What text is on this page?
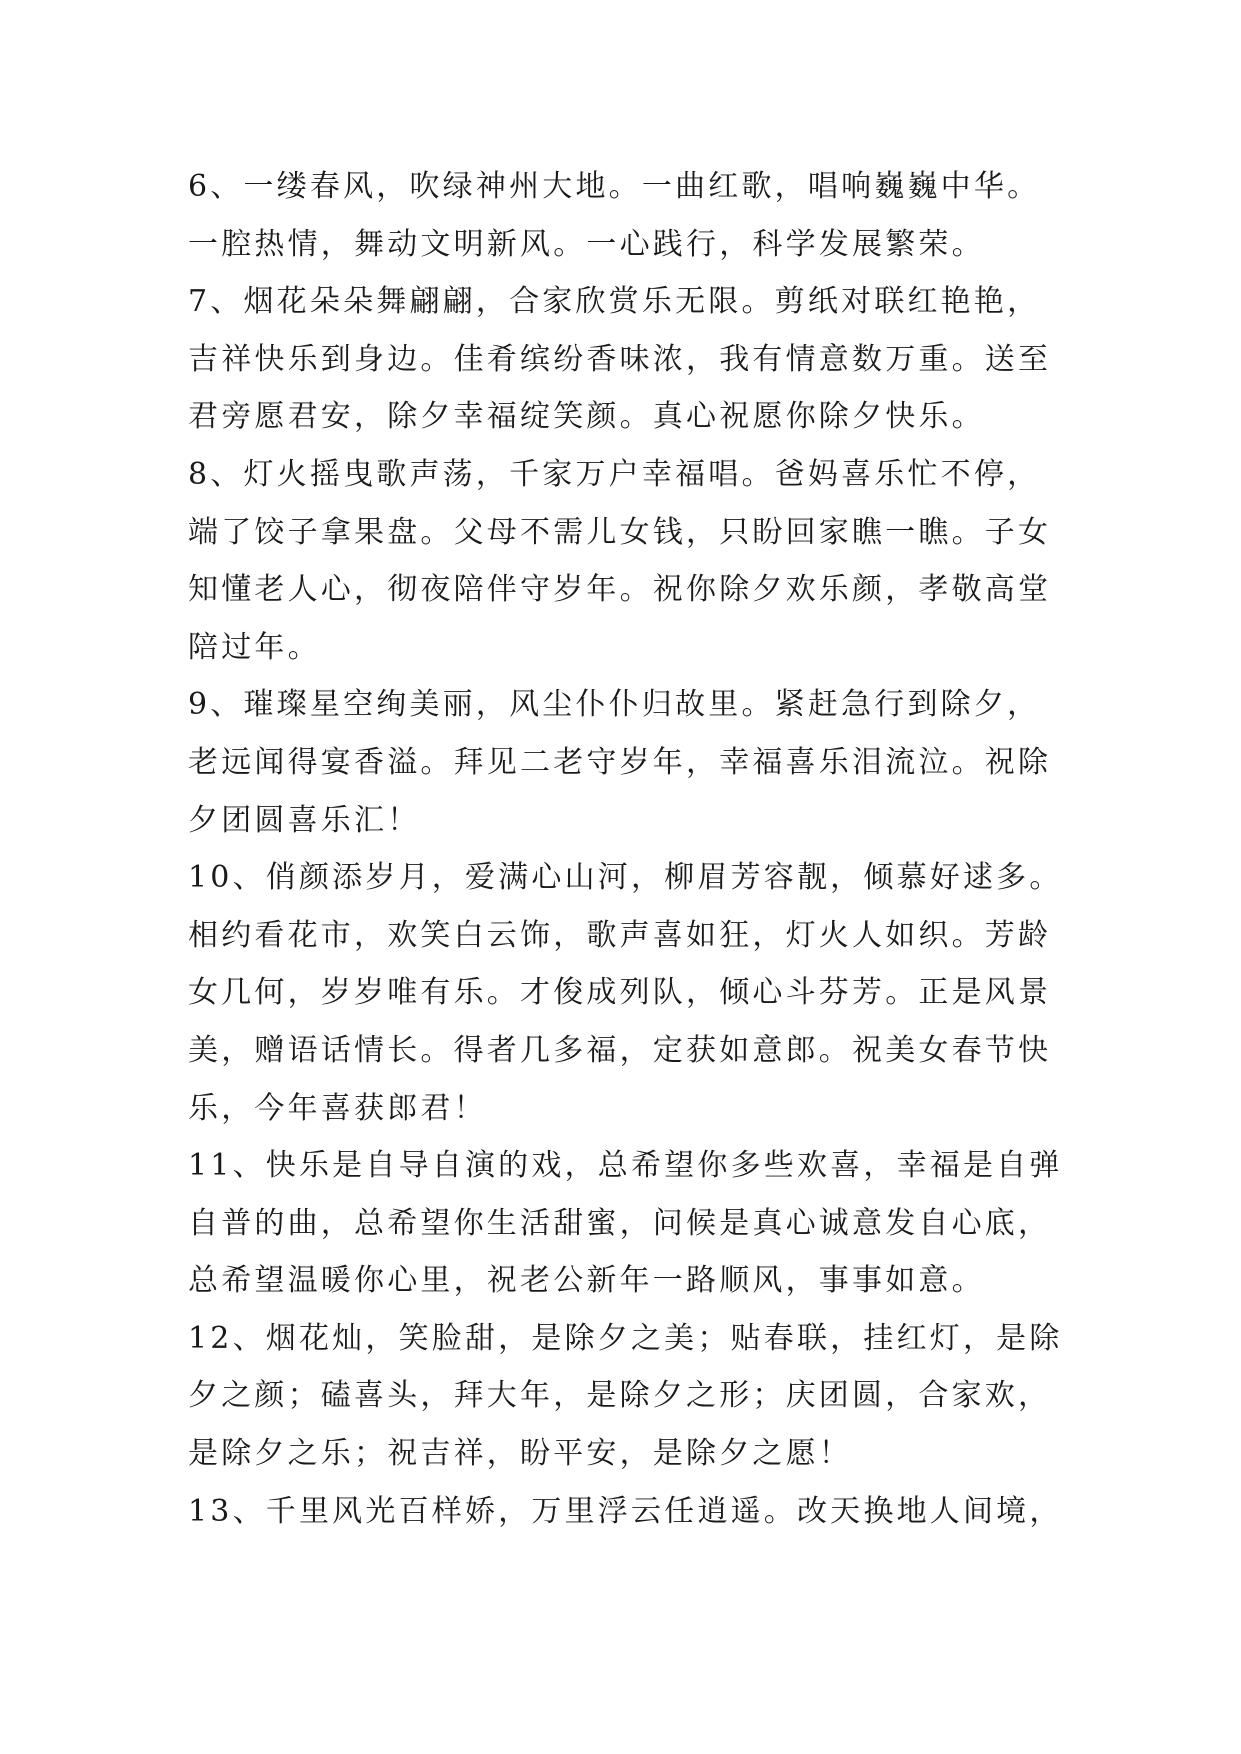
6、一缕春风，吹绿神州大地。一曲红歌，唱响巍巍中华。
一腔热情，舞动文明新风。一心践行，科学发展繁荣。
7、烟花朵朵舞翩翩，合家欣赏乐无限。剪纸对联红艳艳，
吉祥快乐到身边。佳肴缤纷香味浓，我有情意数万重。送至
君旁愿君安，除夕幸福绽笑颜。真心祝愿你除夕快乐。
8、灯火摇曳歌声荡，千家万户幸福唱。爸妈喜乐忙不停，
端了饺子拿果盘。父母不需儿女钱，只盼回家瞧一瞧。子女
知懂老人心，彻夜陪伴守岁年。祝你除夕欢乐颜，孝敬高堂
陪过年。
9、璀璨星空绚美丽，风尘仆仆归故里。紧赶急行到除夕，
老远闻得宴香溢。拜见二老守岁年，幸福喜乐泪流泣。祝除
夕团圆喜乐汇！
10、俏颜添岁月，爱满心山河，柳眉芳容靓，倾慕好逑多。
相约看花市，欢笑白云饰，歌声喜如狂，灯火人如织。芳龄
女几何，岁岁唯有乐。才俊成列队，倾心斗芬芳。正是风景
美，赠语话情长。得者几多福，定获如意郎。祝美女春节快
乐，今年喜获郎君！
11、快乐是自导自演的戏，总希望你多些欢喜，幸福是自弹
自普的曲，总希望你生活甜蜜，问候是真心诚意发自心底，
总希望温暖你心里，祝老公新年一路顺风，事事如意。
12、烟花灿，笑脸甜，是除夕之美；贴春联，挂红灯，是除
夕之颜；磕喜头，拜大年，是除夕之形；庆团圆，合家欢，
是除夕之乐；祝吉祥，盼平安，是除夕之愿！
13、千里风光百样娇，万里浮云任逍遥。改天换地人间境，
